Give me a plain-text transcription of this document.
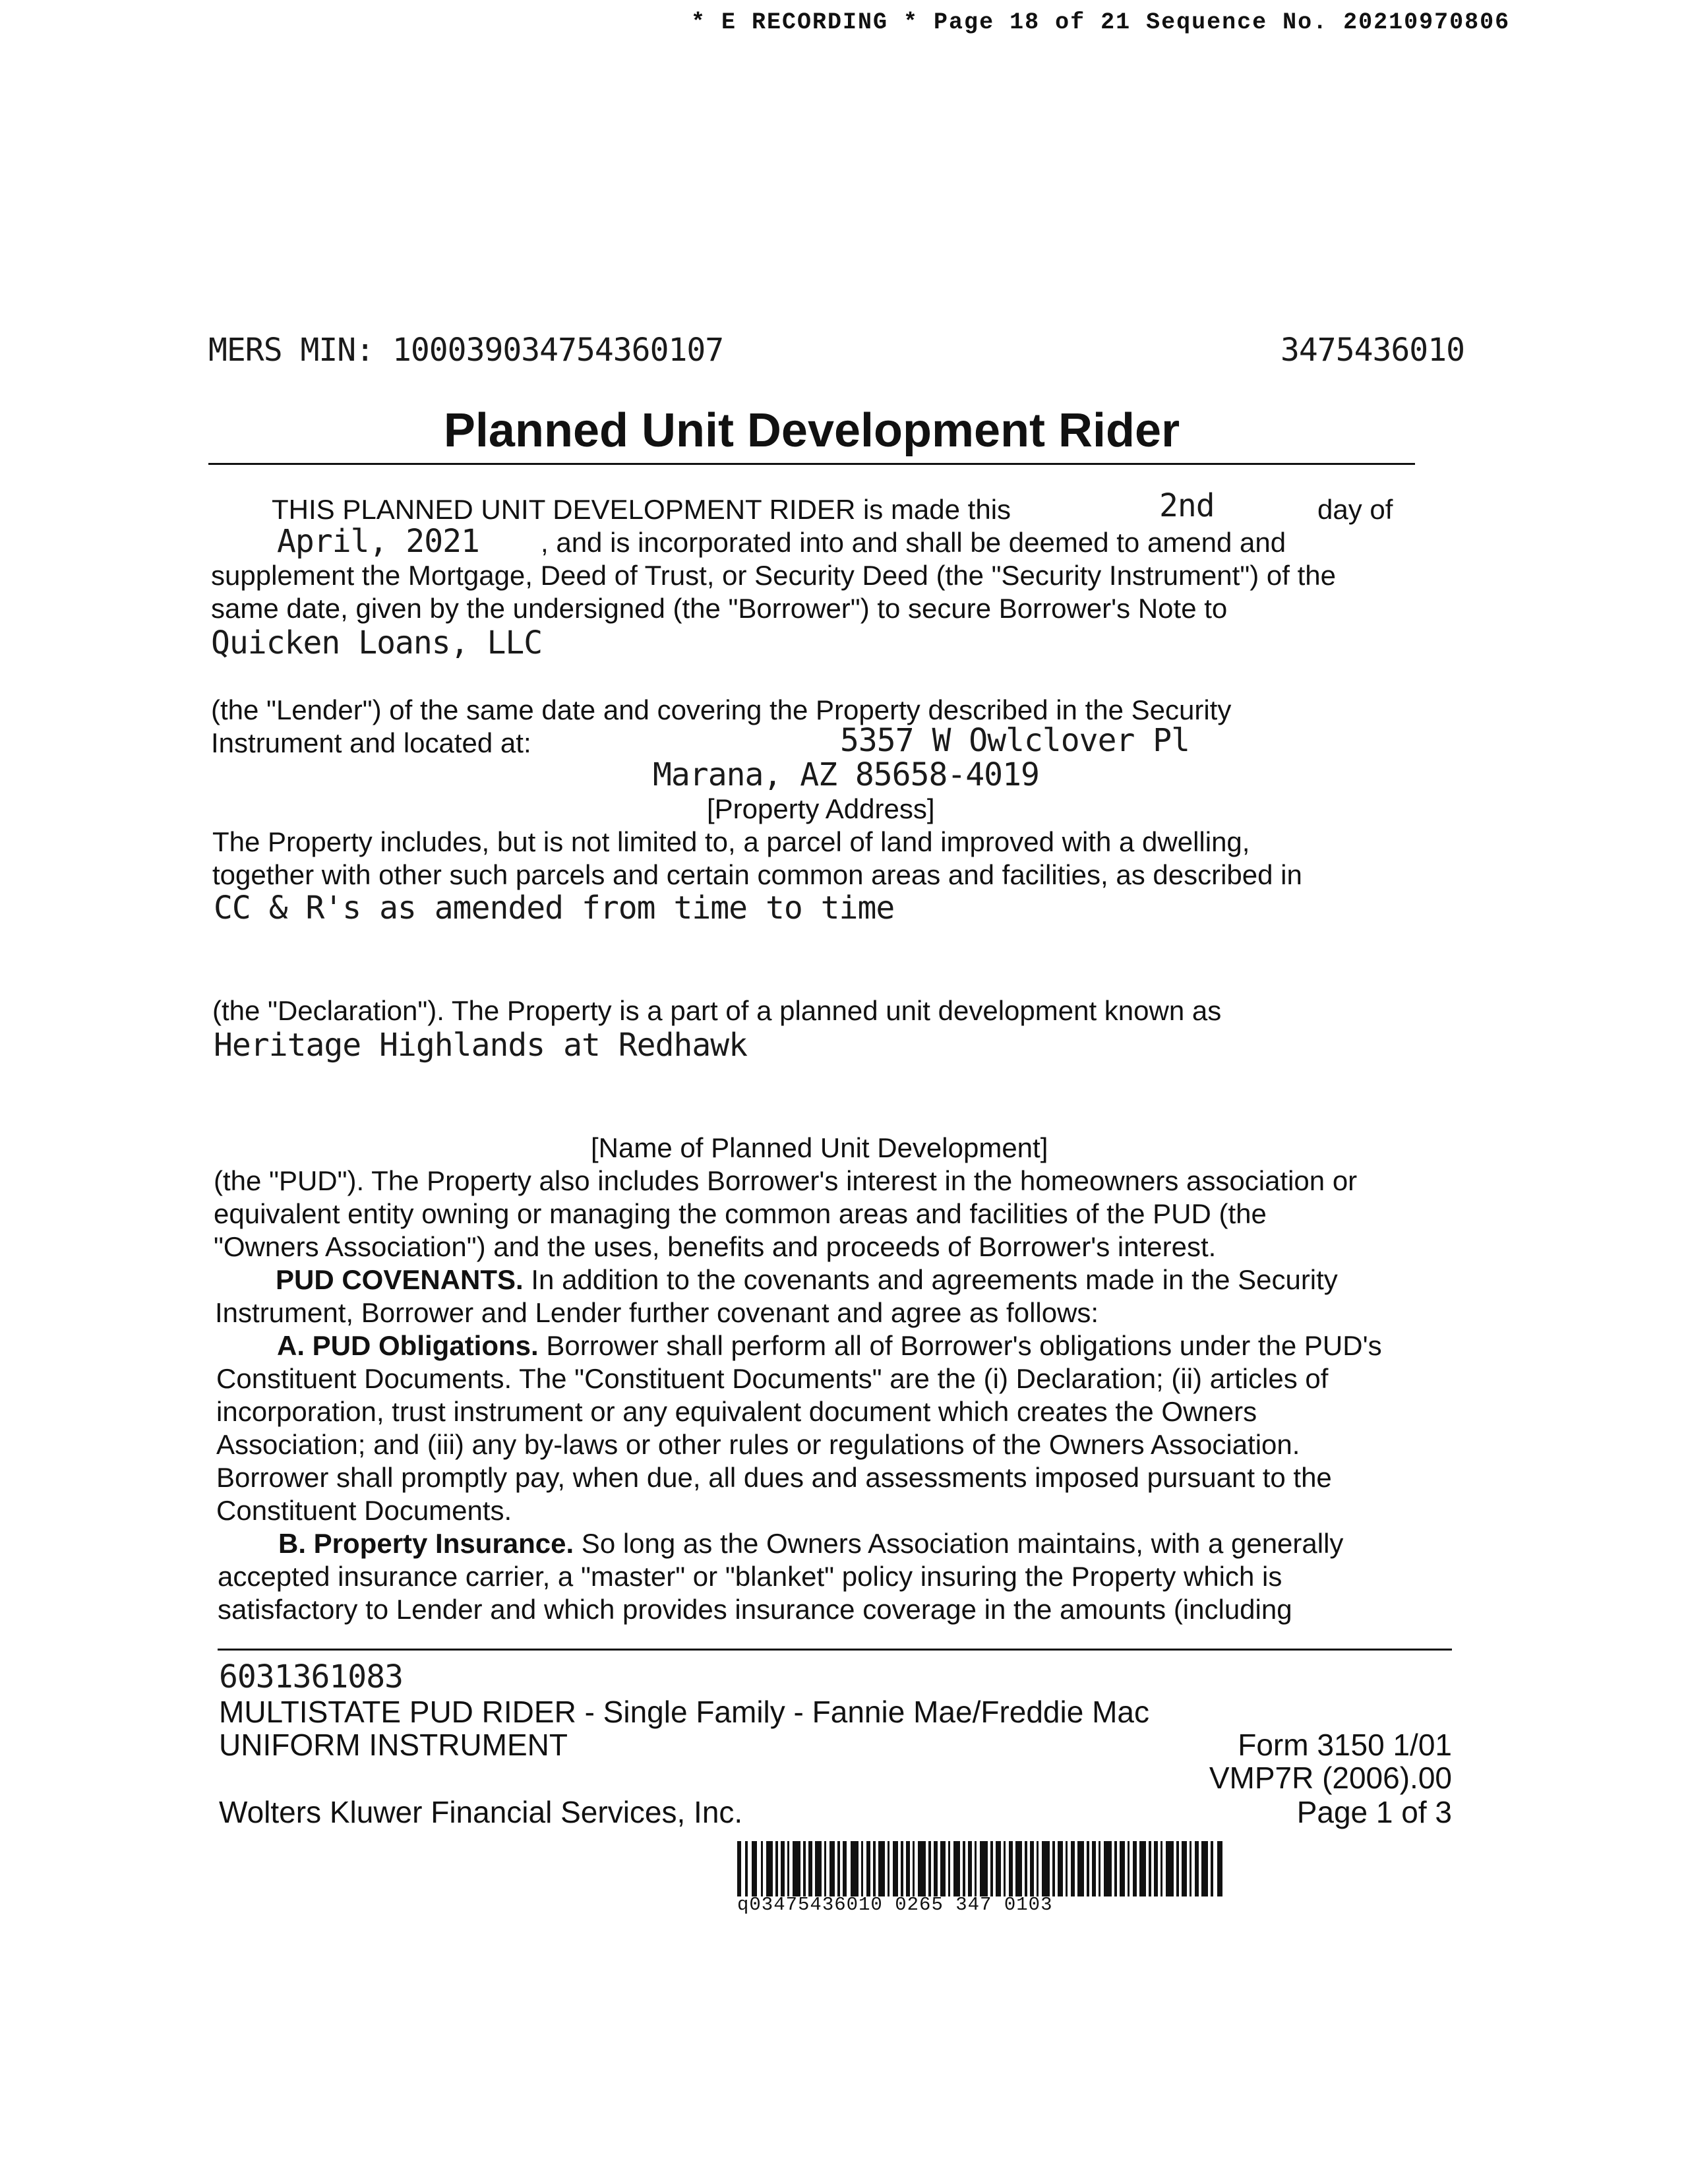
* E RECORDING * Page 18 of 21 Sequence No. 20210970806
MERS MIN: 100039034754360107	3475436010
Planned Unit Development Rider
THIS PLANNED UNIT DEVELOPMENT RIDER is made this	2nd	day of
April, 2021 , and is incorporated into and shall be deemed to amend and
supplement the Mortgage, Deed of Trust, or Security Deed (the "Security Instrument") of the
same date, given by the undersigned (the "Borrower") to secure Borrower's Note to
Quicken Loans, LLC
(the "Lender") of the same date and covering the Property described in the Security
Instrument and located at:	5357 W Owlclover Pl
Marana, AZ 85658-4019
[Property Address]
The Property includes, but is not limited to, a parcel of land improved with a dwelling,
together with other such parcels and certain common areas and facilities, as described in
CC & R's as amended from time to time
(the "Declaration"). The Property is a part of a planned unit development known as
Heritage Highlands at Redhawk
[Name of Planned Unit Development]
(the "PUD"). The Property also includes Borrower's interest in the homeowners association or
equivalent entity owning or managing the common areas and facilities of the PUD (the
"Owners Association") and the uses, benefits and proceeds of Borrower's interest.
PUD COVENANTS. In addition to the covenants and agreements made in the Security
Instrument, Borrower and Lender further covenant and agree as follows:
A. PUD Obligations. Borrower shall perform all of Borrower's obligations under the PUD's
Constituent Documents. The "Constituent Documents" are the (i) Declaration; (ii) articles of
incorporation, trust instrument or any equivalent document which creates the Owners
Association; and (iii) any by-laws or other rules or regulations of the Owners Association.
Borrower shall promptly pay, when due, all dues and assessments imposed pursuant to the
Constituent Documents.
B. Property Insurance. So long as the Owners Association maintains, with a generally
accepted insurance carrier, a "master" or "blanket" policy insuring the Property which is
satisfactory to Lender and which provides insurance coverage in the amounts (including
6031361083
MULTISTATE PUD RIDER - Single Family - Fannie Mae/Freddie Mac
UNIFORM INSTRUMENT	Form 3150 1/01
VMP7R (2006).00
Wolters Kluwer Financial Services, Inc.	Page 1 of 3
q03475436010 0265 347 0103
